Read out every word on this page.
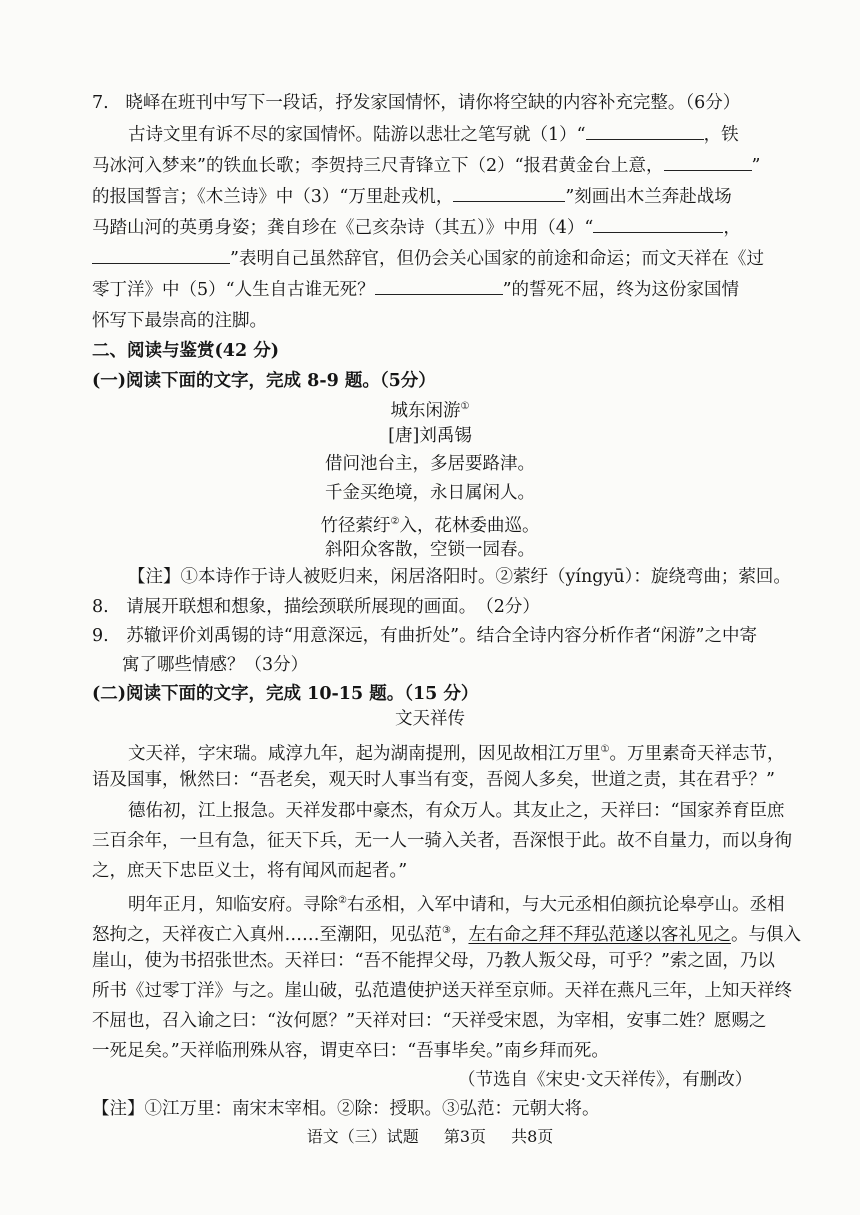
7. 晓峄在班刊中写下一段话，抒发家国情怀，请你将空缺的内容补充完整。（6分）
古诗文里有诉不尽的家国情怀。陆游以悲壮之笔写就（1）“	，铁
马冰河入梦来”的铁血长歌；李贺持三尺青锋立下（2）“报君黄金台上意，	”
的报国誓言；《木兰诗》中（3）“万里赴戎机，	”刻画出木兰奔赴战场
马踏山河的英勇身姿；龚自珍在《己亥杂诗（其五）》中用（4）“	，
”表明自己虽然辞官，但仍会关心国家的前途和命运；而文天祥在《过
零丁洋》中（5）“人生自古谁无死？	”的誓死不屈，终为这份家国情
怀写下最崇高的注脚。
二、阅读与鉴赏(42 分)
(一)阅读下面的文字，完成 8-9 题。（5分）
城东闲游①
[唐]刘禹锡
借问池台主，多居要路津。
千金买绝境，永日属闲人。
竹径萦纡②入，花林委曲巡。
斜阳众客散，空锁一园春。
【注】①本诗作于诗人被贬归来，闲居洛阳时。②萦纡（yíngyū）：旋绕弯曲；萦回。
8.　请展开联想和想象，描绘颈联所展现的画面。　（2分）
9.　苏辙评价刘禹锡的诗“用意深远，有曲折处”。结合全诗内容分析作者“闲游”之中寄
寓了哪些情感？（3分）
(二)阅读下面的文字，完成 10-15 题。（15 分）
文天祥传
文天祥，字宋瑞。咸淳九年，起为湖南提刑，因见故相江万里①。万里素奇天祥志节，
语及国事，愀然曰：“吾老矣，观天时人事当有变，吾阅人多矣，世道之责，其在君乎？”
德佑初，江上报急。天祥发郡中豪杰，有众万人。其友止之，天祥曰：“国家养育臣庶
三百余年，一旦有急，征天下兵，无一人一骑入关者，吾深恨于此。故不自量力，而以身徇
之，庶天下忠臣义士，将有闻风而起者。”
明年正月，知临安府。寻除②右丞相，入军中请和，与大元丞相伯颜抗论皋亭山。丞相
怒拘之，天祥夜亡入真州……至潮阳，见弘范③，左右命之拜不拜弘范遂以客礼见之。与俱入
崖山，使为书招张世杰。天祥曰：“吾不能捍父母，乃教人叛父母，可乎？”索之固，乃以
所书《过零丁洋》与之。崖山破，弘范遣使护送天祥至京师。天祥在燕凡三年，上知天祥终
不屈也，召入谕之曰：“汝何愿？”天祥对曰：“天祥受宋恩，为宰相，安事二姓？愿赐之
一死足矣。”天祥临刑殊从容，谓吏卒曰：“吾事毕矣。”南乡拜而死。
（节选自《宋史·文天祥传》，有删改）
【注】①江万里：南宋末宰相。②除：授职。③弘范：元朝大将。
语文（三）试题 第3页 共8页
